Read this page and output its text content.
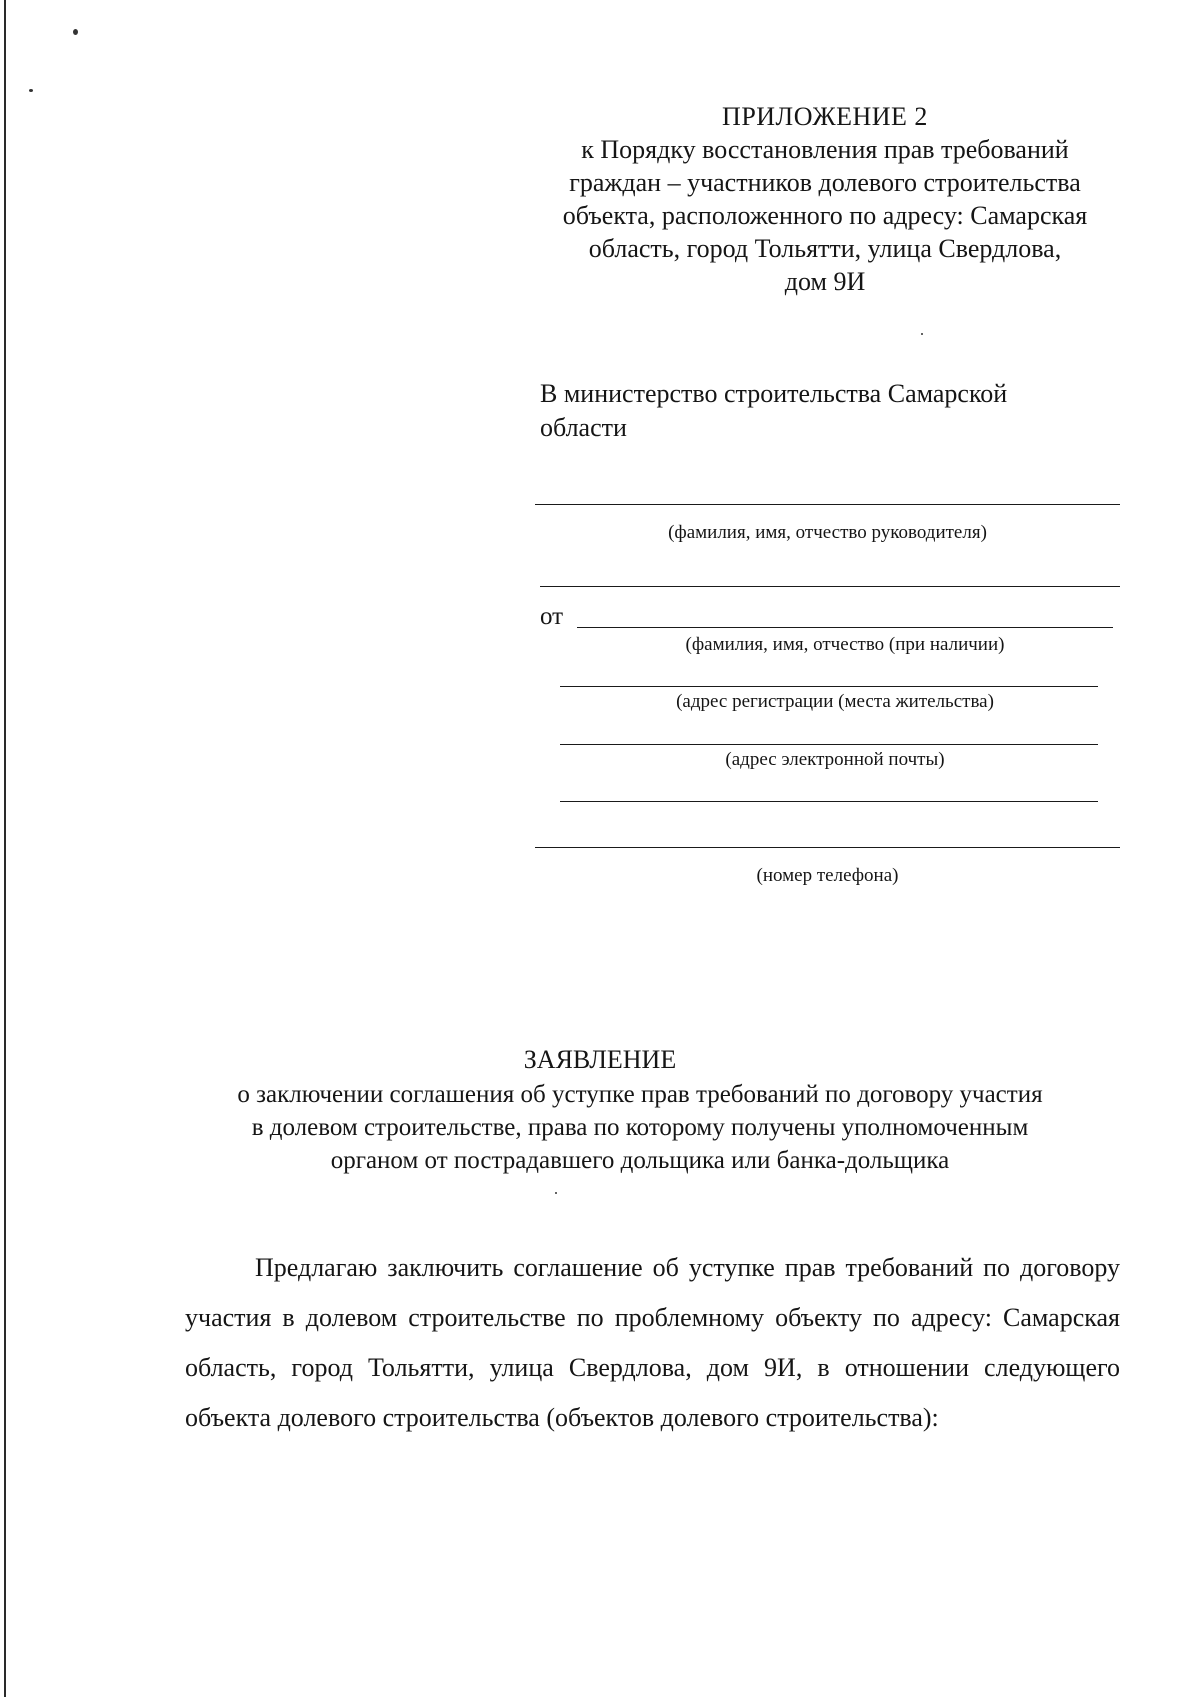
ПРИЛОЖЕНИЕ 2
к Порядку восстановления прав требований
граждан – участников долевого строительства
объекта, расположенного по адресу: Самарская
область, город Тольятти, улица Свердлова,
дом 9И
В министерство строительства Самарской
области
(фамилия, имя, отчество руководителя)
от
(фамилия, имя, отчество (при наличии)
(адрес регистрации (места жительства)
(адрес электронной почты)
(номер телефона)
ЗАЯВЛЕНИЕ
о заключении соглашения об уступке прав требований по договору участия
в долевом строительстве, права по которому получены уполномоченным
органом от пострадавшего дольщика или банка-дольщика
Предлагаю заключить соглашение об уступке прав требований по договору участия в долевом строительстве по проблемному объекту по адресу: Самарская область, город Тольятти, улица Свердлова, дом 9И, в отношении следующего объекта долевого строительства (объектов долевого строительства):
